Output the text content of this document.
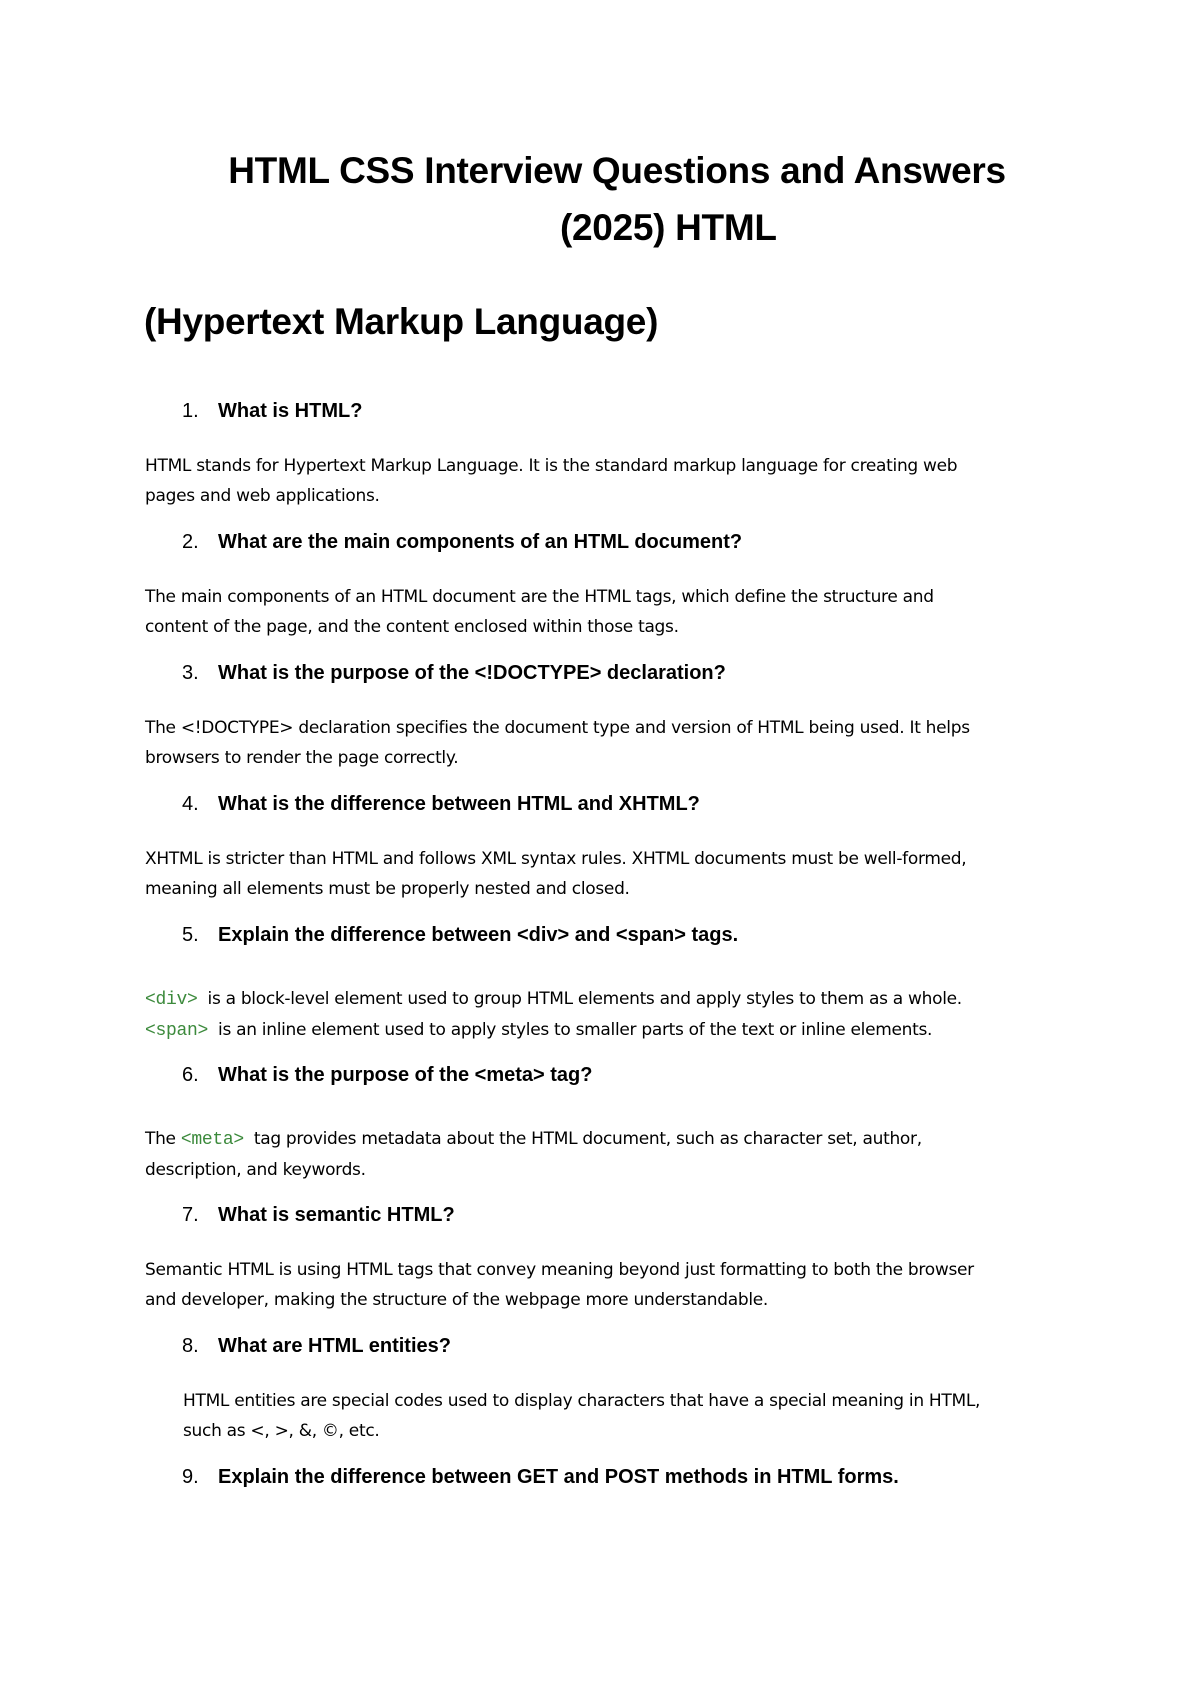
HTML CSS Interview Questions and Answers
(2025) HTML
(Hypertext Markup Language)
1. What is HTML?

HTML stands for Hypertext Markup Language. It is the standard markup language for creating web

pages and web applications.

2. What are the main components of an HTML document?

The main components of an HTML document are the HTML tags, which define the structure and

content of the page, and the content enclosed within those tags.

3. What is the purpose of the <!DOCTYPE> declaration?

The <!DOCTYPE> declaration specifies the document type and version of HTML being used. It helps

browsers to render the page correctly.

4. What is the difference between HTML and XHTML?

XHTML is stricter than HTML and follows XML syntax rules. XHTML documents must be well-formed,

meaning all elements must be properly nested and closed.

5. Explain the difference between <div> and <span> tags.

<div> is a block-level element used to group HTML elements and apply styles to them as a whole.

<span> is an inline element used to apply styles to smaller parts of the text or inline elements.

6. What is the purpose of the <meta> tag?

The <meta> tag provides metadata about the HTML document, such as character set, author,

description, and keywords.

7. What is semantic HTML?

Semantic HTML is using HTML tags that convey meaning beyond just formatting to both the browser

and developer, making the structure of the webpage more understandable.

8. What are HTML entities?

HTML entities are special codes used to display characters that have a special meaning in HTML,

such as <, >, &, ©, etc.

9. Explain the difference between GET and POST methods in HTML forms.
